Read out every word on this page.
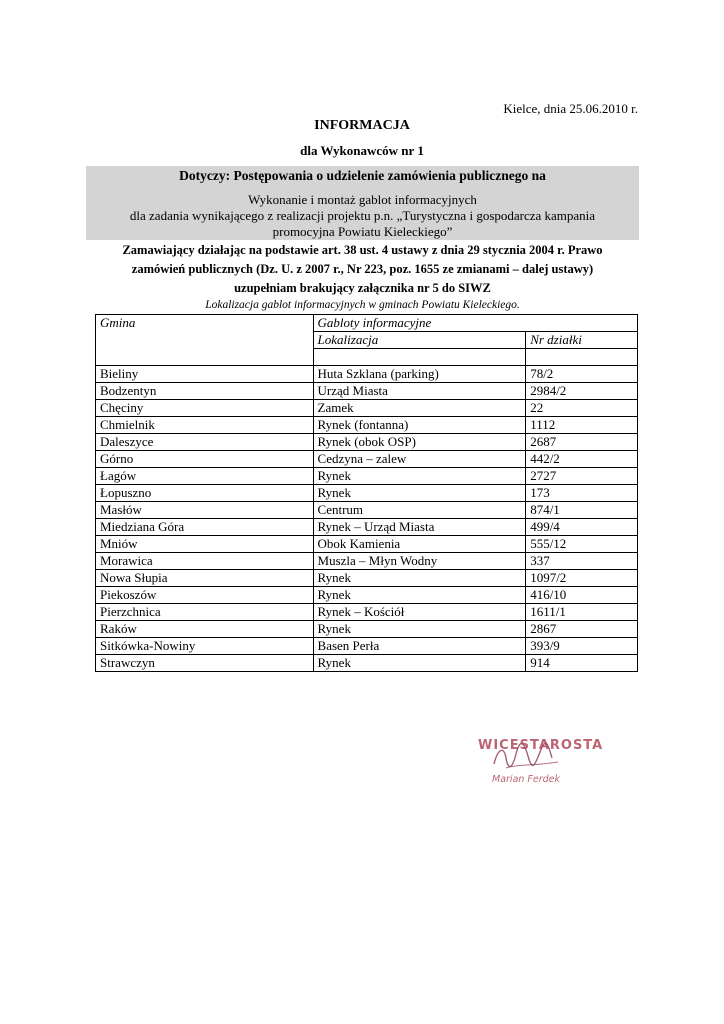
Kielce, dnia 25.06.2010 r.
INFORMACJA
dla Wykonawców nr 1
Dotyczy: Postępowania o udzielenie zamówienia publicznego na
Wykonanie i montaż gablot informacyjnych
dla zadania wynikającego z realizacji projektu p.n. „Turystyczna i gospodarcza kampania
promocyjna Powiatu Kieleckiego”
Zamawiający działając na podstawie art. 38 ust. 4 ustawy z dnia 29 stycznia 2004 r. Prawo
zamówień publicznych (Dz. U. z 2007 r., Nr 223, poz. 1655 ze zmianami – dalej ustawy)
uzupełniam brakujący załącznika nr 5 do SIWZ
Lokalizacja gablot informacyjnych w gminach Powiatu Kieleckiego.
Gmina	Gabloty informacyjne	
	Lokalizacja	Nr działki

Bieliny	Huta Szklana (parking)	78/2
Bodzentyn	Urząd Miasta	2984/2
Chęciny	Zamek	22
Chmielnik	Rynek (fontanna)	1112
Daleszyce	Rynek (obok OSP)	2687
Górno	Cedzyna – zalew	442/2
Łagów	Rynek	2727
Łopuszno	Rynek	173
Masłów	Centrum	874/1
Miedziana Góra	Rynek – Urząd Miasta	499/4
Mniów	Obok Kamienia	555/12
Morawica	Muszla – Młyn Wodny	337
Nowa Słupia	Rynek	1097/2
Piekoszów	Rynek	416/10
Pierzchnica	Rynek – Kościół	1611/1
Raków	Rynek	2867
Sitkówka-Nowiny	Basen Perła	393/9
Strawczyn	Rynek	914
WICESTAROSTA
Marian Ferdek
